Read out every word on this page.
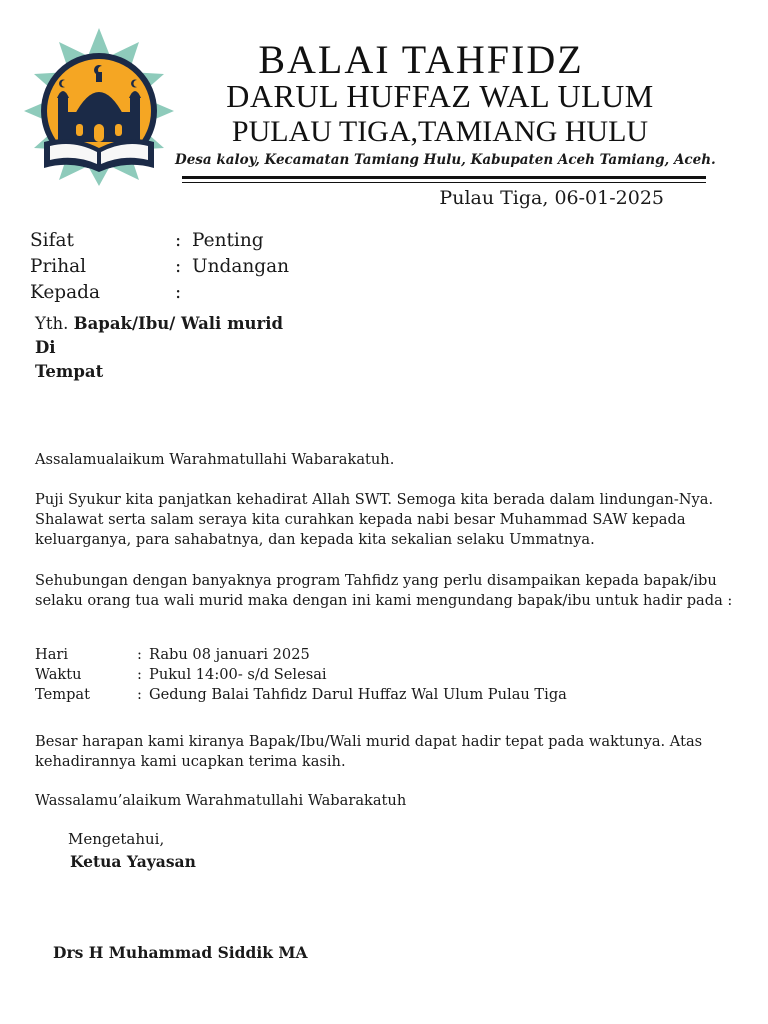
BALAI TAHFIDZ
DARUL HUFFAZ WAL ULUM
PULAU TIGA,TAMIANG HULU
Desa kaloy, Kecamatan Tamiang Hulu, Kabupaten Aceh Tamiang, Aceh.
Pulau Tiga, 06-01-2025
Sifat	: Penting
Prihal	: Undangan
Kepada	:
Yth. Bapak/Ibu/ Wali murid
Di
Tempat
Assalamualaikum Warahmatullahi Wabarakatuh.
Puji Syukur kita panjatkan kehadirat Allah SWT. Semoga kita berada dalam lindungan-Nya. Shalawat serta salam seraya kita curahkan kepada nabi besar Muhammad SAW kepada keluarganya, para sahabatnya, dan kepada kita sekalian selaku Ummatnya.
Sehubungan dengan banyaknya program Tahfidz yang perlu disampaikan kepada bapak/ibu selaku orang tua wali murid maka dengan ini kami mengundang bapak/ibu untuk hadir pada :
Hari	: Rabu 08 januari 2025
Waktu	: Pukul 14:00- s/d Selesai
Tempat	: Gedung Balai Tahfidz Darul Huffaz Wal Ulum Pulau Tiga
Besar harapan kami kiranya Bapak/Ibu/Wali murid dapat hadir tepat pada waktunya. Atas kehadirannya kami ucapkan terima kasih.
Wassalamu’alaikum Warahmatullahi Wabarakatuh
Mengetahui,
Ketua Yayasan
Drs H Muhammad Siddik MA
